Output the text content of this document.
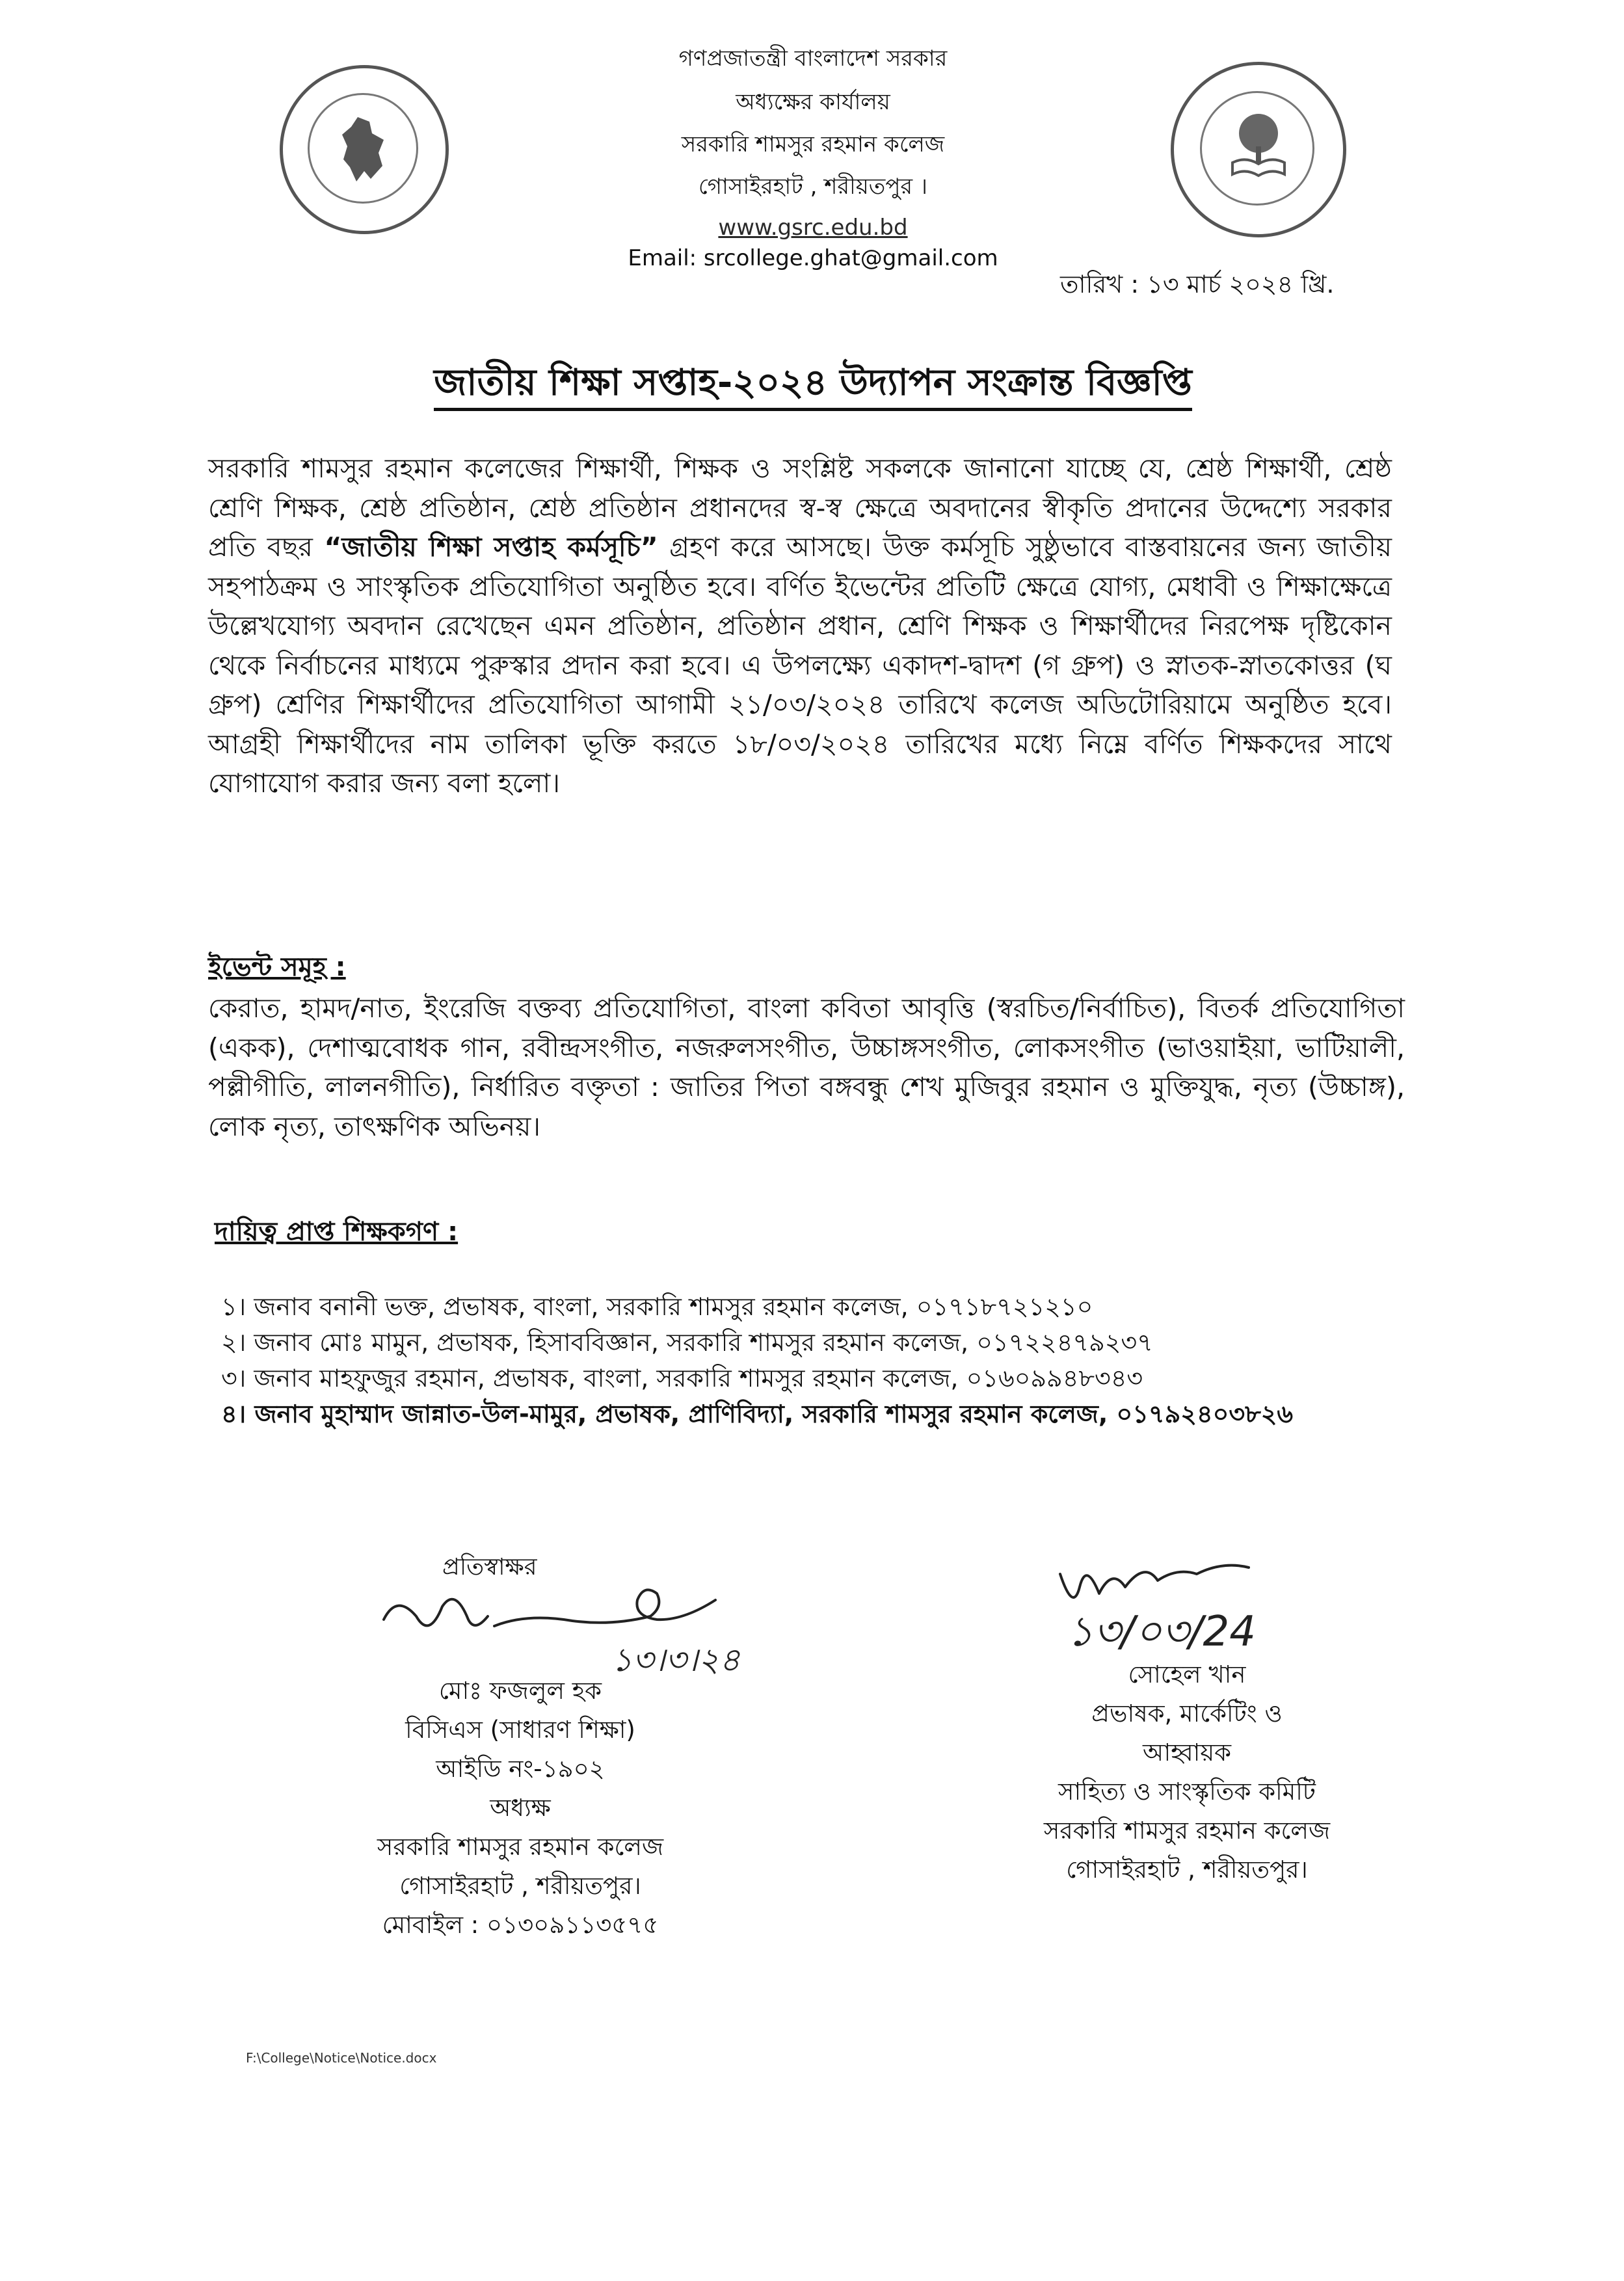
গণপ্রজাতন্ত্রী বাংলাদেশ সরকার
অধ্যক্ষের কার্যালয়
সরকারি শামসুর রহমান কলেজ
গোসাইরহাট , শরীয়তপুর ।
www.gsrc.edu.bd
Email: srcollege.ghat@gmail.com
তারিখ : ১৩ মার্চ ২০২৪ খ্রি.
জাতীয় শিক্ষা সপ্তাহ-২০২৪ উদ্যাপন সংক্রান্ত বিজ্ঞপ্তি
সরকারি শামসুর রহমান কলেজের শিক্ষার্থী, শিক্ষক ও সংশ্লিষ্ট সকলকে জানানো যাচ্ছে যে, শ্রেষ্ঠ শিক্ষার্থী, শ্রেষ্ঠ শ্রেণি শিক্ষক, শ্রেষ্ঠ প্রতিষ্ঠান, শ্রেষ্ঠ প্রতিষ্ঠান প্রধানদের স্ব-স্ব ক্ষেত্রে অবদানের স্বীকৃতি প্রদানের উদ্দেশ্যে সরকার প্রতি বছর “জাতীয় শিক্ষা সপ্তাহ কর্মসূচি” গ্রহণ করে আসছে। উক্ত কর্মসূচি সুষ্ঠুভাবে বাস্তবায়নের জন্য জাতীয় সহপাঠক্রম ও সাংস্কৃতিক প্রতিযোগিতা অনুষ্ঠিত হবে। বর্ণিত ইভেন্টের প্রতিটি ক্ষেত্রে যোগ্য, মেধাবী ও শিক্ষাক্ষেত্রে উল্লেখযোগ্য অবদান রেখেছেন এমন প্রতিষ্ঠান, প্রতিষ্ঠান প্রধান, শ্রেণি শিক্ষক ও শিক্ষার্থীদের নিরপেক্ষ দৃষ্টিকোন থেকে নির্বাচনের মাধ্যমে পুরুস্কার প্রদান করা হবে। এ উপলক্ষ্যে একাদশ-দ্বাদশ (গ গ্রুপ) ও স্নাতক-স্নাতকোত্তর (ঘ গ্রুপ) শ্রেণির শিক্ষার্থীদের প্রতিযোগিতা আগামী ২১/০৩/২০২৪ তারিখে কলেজ অডিটোরিয়ামে অনুষ্ঠিত হবে। আগ্রহী শিক্ষার্থীদের নাম তালিকা ভূক্তি করতে ১৮/০৩/২০২৪ তারিখের মধ্যে নিম্নে বর্ণিত শিক্ষকদের সাথে যোগাযোগ করার জন্য বলা হলো।
ইভেন্ট সমূহ :
কেরাত, হামদ/নাত, ইংরেজি বক্তব্য প্রতিযোগিতা, বাংলা কবিতা আবৃত্তি (স্বরচিত/নির্বাচিত), বিতর্ক প্রতিযোগিতা (একক), দেশাত্মবোধক গান, রবীন্দ্রসংগীত, নজরুলসংগীত, উচ্চাঙ্গসংগীত, লোকসংগীত (ভাওয়াইয়া, ভাটিয়ালী, পল্লীগীতি, লালনগীতি), নির্ধারিত বক্তৃতা : জাতির পিতা বঙ্গবন্ধু শেখ মুজিবুর রহমান ও মুক্তিযুদ্ধ, নৃত্য (উচ্চাঙ্গ), লোক নৃত্য, তাৎক্ষণিক অভিনয়।
দায়িত্ব প্রাপ্ত শিক্ষকগণ :
১। জনাব বনানী ভক্ত, প্রভাষক, বাংলা, সরকারি শামসুর রহমান কলেজ, ০১৭১৮৭২১২১০
২। জনাব মোঃ মামুন, প্রভাষক, হিসাববিজ্ঞান, সরকারি শামসুর রহমান কলেজ, ০১৭২২৪৭৯২৩৭
৩। জনাব মাহফুজুর রহমান, প্রভাষক, বাংলা, সরকারি শামসুর রহমান কলেজ, ০১৬০৯৯৪৮৩৪৩
৪। জনাব মুহাম্মাদ জান্নাত-উল-মামুর, প্রভাষক, প্রাণিবিদ্যা, সরকারি শামসুর রহমান কলেজ, ০১৭৯২৪০৩৮২৬
প্রতিস্বাক্ষর
১৩।৩।২৪
মোঃ ফজলুল হক
বিসিএস (সাধারণ শিক্ষা)
আইডি নং-১৯০২
অধ্যক্ষ
সরকারি শামসুর রহমান কলেজ
গোসাইরহাট , শরীয়তপুর।
মোবাইল : ০১৩০৯১১৩৫৭৫
১৩/০৩/24
সোহেল খান
প্রভাষক, মার্কেটিং ও
আহ্বায়ক
সাহিত্য ও সাংস্কৃতিক কমিটি
সরকারি শামসুর রহমান কলেজ
গোসাইরহাট , শরীয়তপুর।
F:\College\Notice\Notice.docx
